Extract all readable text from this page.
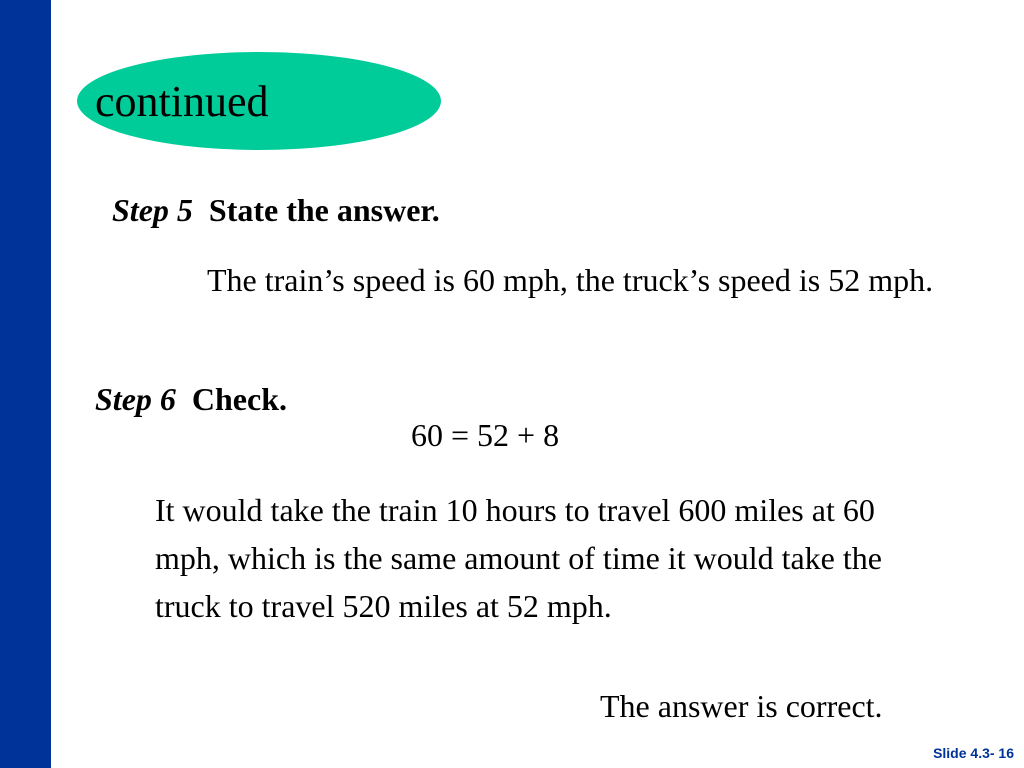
continued
Step 5 State the answer.
The train’s speed is 60 mph, the truck’s speed is 52 mph.
Step 6 Check.
60 = 52 + 8
It would take the train 10 hours to travel 600 miles at 60 mph, which is the same amount of time it would take the truck to travel 520 miles at 52 mph.
The answer is correct.
Slide 4.3- 16
